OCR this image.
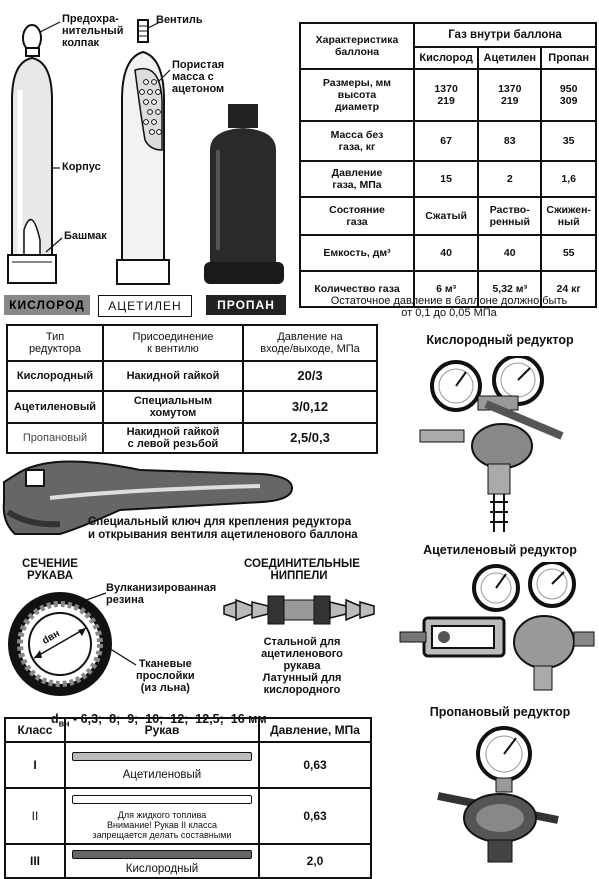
Предохра-
нительный
колпак
Вентиль
Пористая
масса с
ацетоном
Корпус
Башмак
КИСЛОРОД	АЦЕТИЛЕН	ПРОПАН
Характеристика
баллона	Газ внутри баллона		
	Кислород	Ацетилен	Пропан
Размеры, мм
высота
диаметр	1370
219	1370
219	950
309
Масса без
газа, кг	67	83	35
Давление
газа, МПа	15	2	1,6
Состояние
газа	Сжатый	Раство-
ренный	Сжижен-
ный
Емкость, дм³	40	40	55
Количество газа	6 м³	5,32 м³	24 кг
Остаточное давление в баллоне должно быть
от 0,1 до 0,05 МПа
Тип
редуктора	Присоединение
к вентилю	Давление на
входе/выходе, МПа
Кислородный	Накидной гайкой	20/3
Ацетиленовый	Специальным
хомутом	3/0,12
Пропановый	Накидной гайкой
с левой резьбой	2,5/0,3
Специальный ключ для крепления редуктора
и открывания вентиля ацетиленового баллона
СЕЧЕНИЕ
РУКАВА
dвн
Вулканизированная
резина
Тканевые
прослойки
(из льна)

$d_{вн} - 6,3$;  8;  9;  10;  12;  12,5;  16 мм

СОЕДИНИТЕЛЬНЫЕ
НИППЕЛИ
Стальной для
ацетиленового
рукава
Латунный для
кислородного
Класс	Рукав	Давление, МПа
I	Ацетиленовый	0,63
II	Для жидкого топлива
Внимание! Рукав II класса
запрещается делать составными	0,63
III	Кислородный	2,0
Кислородный редуктор
Ацетиленовый редуктор
Пропановый редуктор
